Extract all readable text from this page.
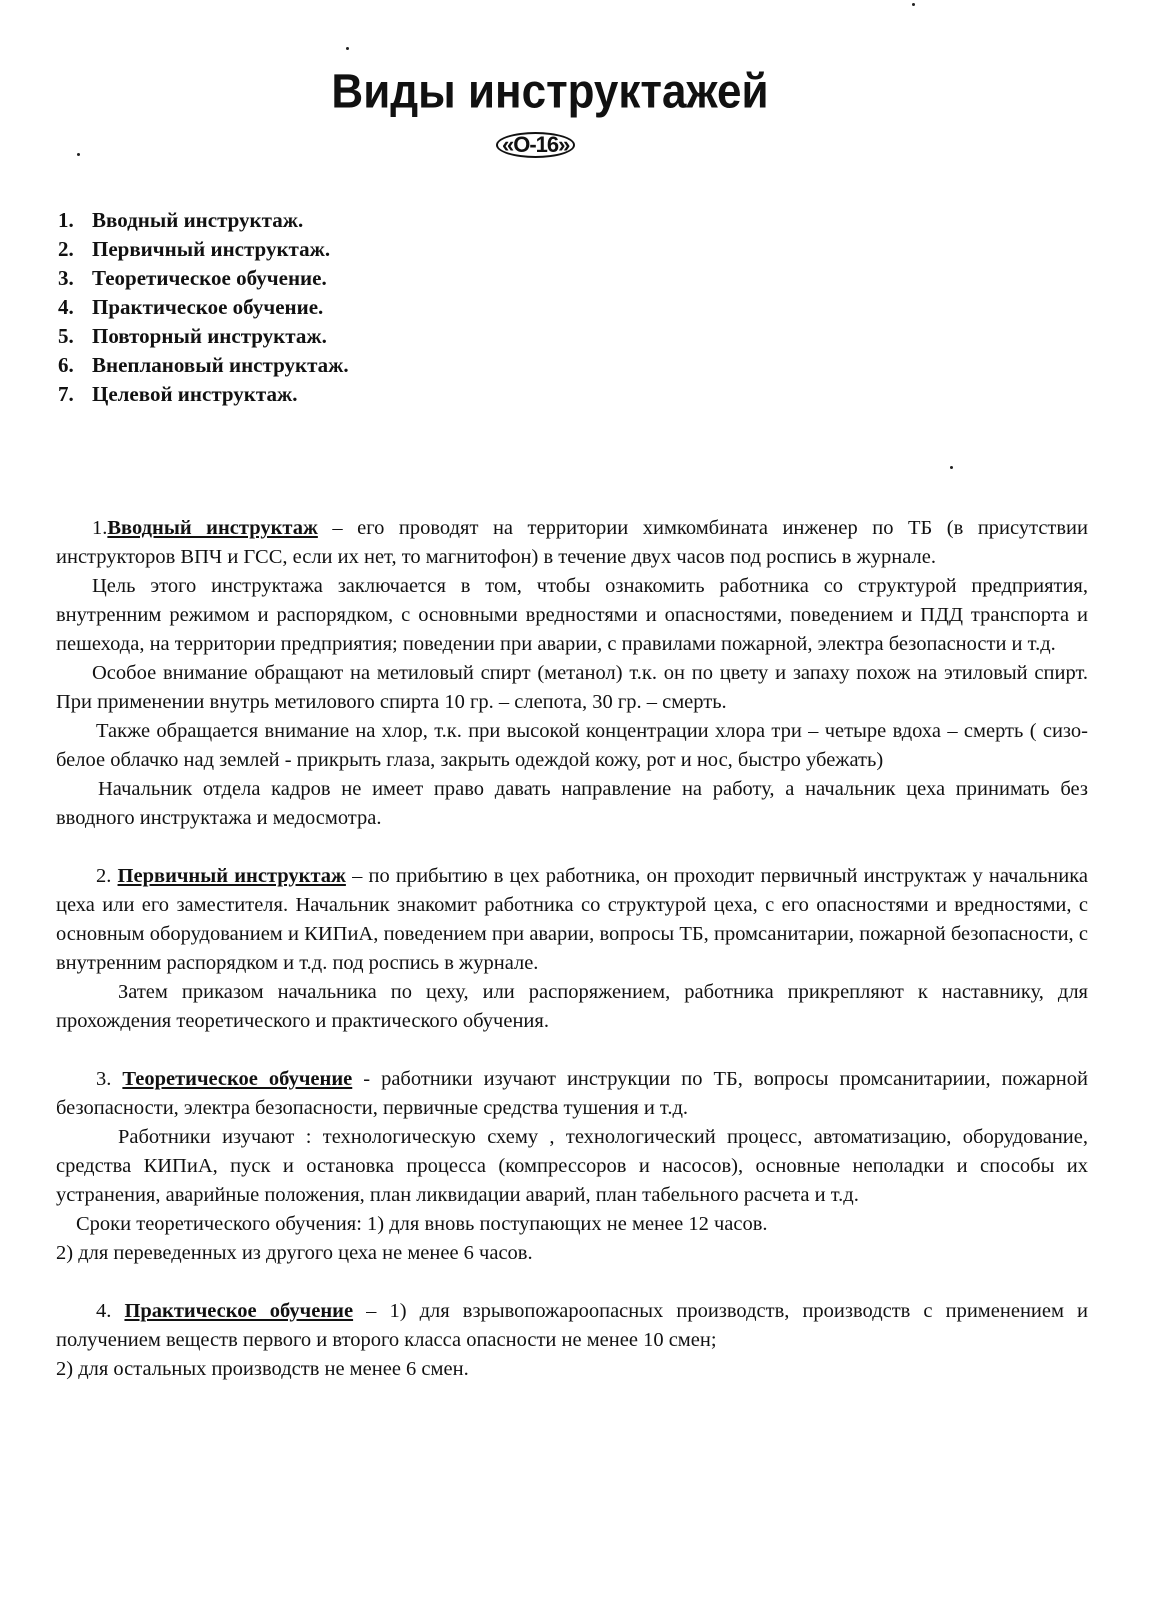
Виды инструктажей
«О-16»
1. Вводный инструктаж.
2. Первичный инструктаж.
3. Теоретическое обучение.
4. Практическое обучение.
5. Повторный инструктаж.
6. Внеплановый инструктаж.
7. Целевой инструктаж.

1.Вводный инструктаж – его проводят на территории химкомбината инженер по ТБ (в присутствии инструкторов ВПЧ и ГСС, если их нет, то магнитофон) в течение двух часов под роспись в журнале.

Цель этого инструктажа заключается в том, чтобы ознакомить работника со структурой предприятия, внутренним режимом и распорядком, с основными вредностями и опасностями, поведением и ПДД транспорта и пешехода, на территории предприятия; поведении при аварии, с правилами пожарной, электра безопасности и т.д.

Особое внимание обращают на метиловый спирт (метанол) т.к. он по цвету и запаху похож на этиловый спирт. При применении внутрь метилового спирта 10 гр. – слепота, 30 гр. – смерть.

Также обращается внимание на хлор, т.к. при высокой концентрации хлора три – четыре вдоха – смерть ( сизо-белое облачко над землей - прикрыть глаза, закрыть одеждой кожу, рот и нос, быстро убежать)

Начальник отдела кадров не имеет право давать направление на работу, а начальник цеха принимать без вводного инструктажа и медосмотра.

2. Первичный инструктаж – по прибытию в цех работника, он проходит первичный инструктаж у начальника цеха или его заместителя. Начальник знакомит работника со структурой цеха, с его опасностями и вредностями, с основным оборудованием и КИПиА, поведением при аварии, вопросы ТБ, промсанитарии, пожарной безопасности, с внутренним распорядком и т.д. под роспись в журнале.

Затем приказом начальника по цеху, или распоряжением, работника прикрепляют к наставнику, для прохождения теоретического и практического обучения.

3. Теоретическое обучение - работники изучают инструкции по ТБ, вопросы промсанитариии, пожарной безопасности, электра безопасности, первичные средства тушения и т.д.

Работники изучают : технологическую схему , технологический процесс, автоматизацию, оборудование, средства КИПиА, пуск и остановка процесса (компрессоров и насосов), основные неполадки и способы их устранения, аварийные положения, план ликвидации аварий, план табельного расчета и т.д.

Сроки теоретического обучения: 1) для вновь поступающих не менее 12 часов.

2) для переведенных из другого цеха не менее 6 часов.

4. Практическое обучение – 1) для взрывопожароопасных производств, производств с применением и получением веществ первого и второго класса опасности не менее 10 смен;

2) для остальных производств не менее 6 смен.
